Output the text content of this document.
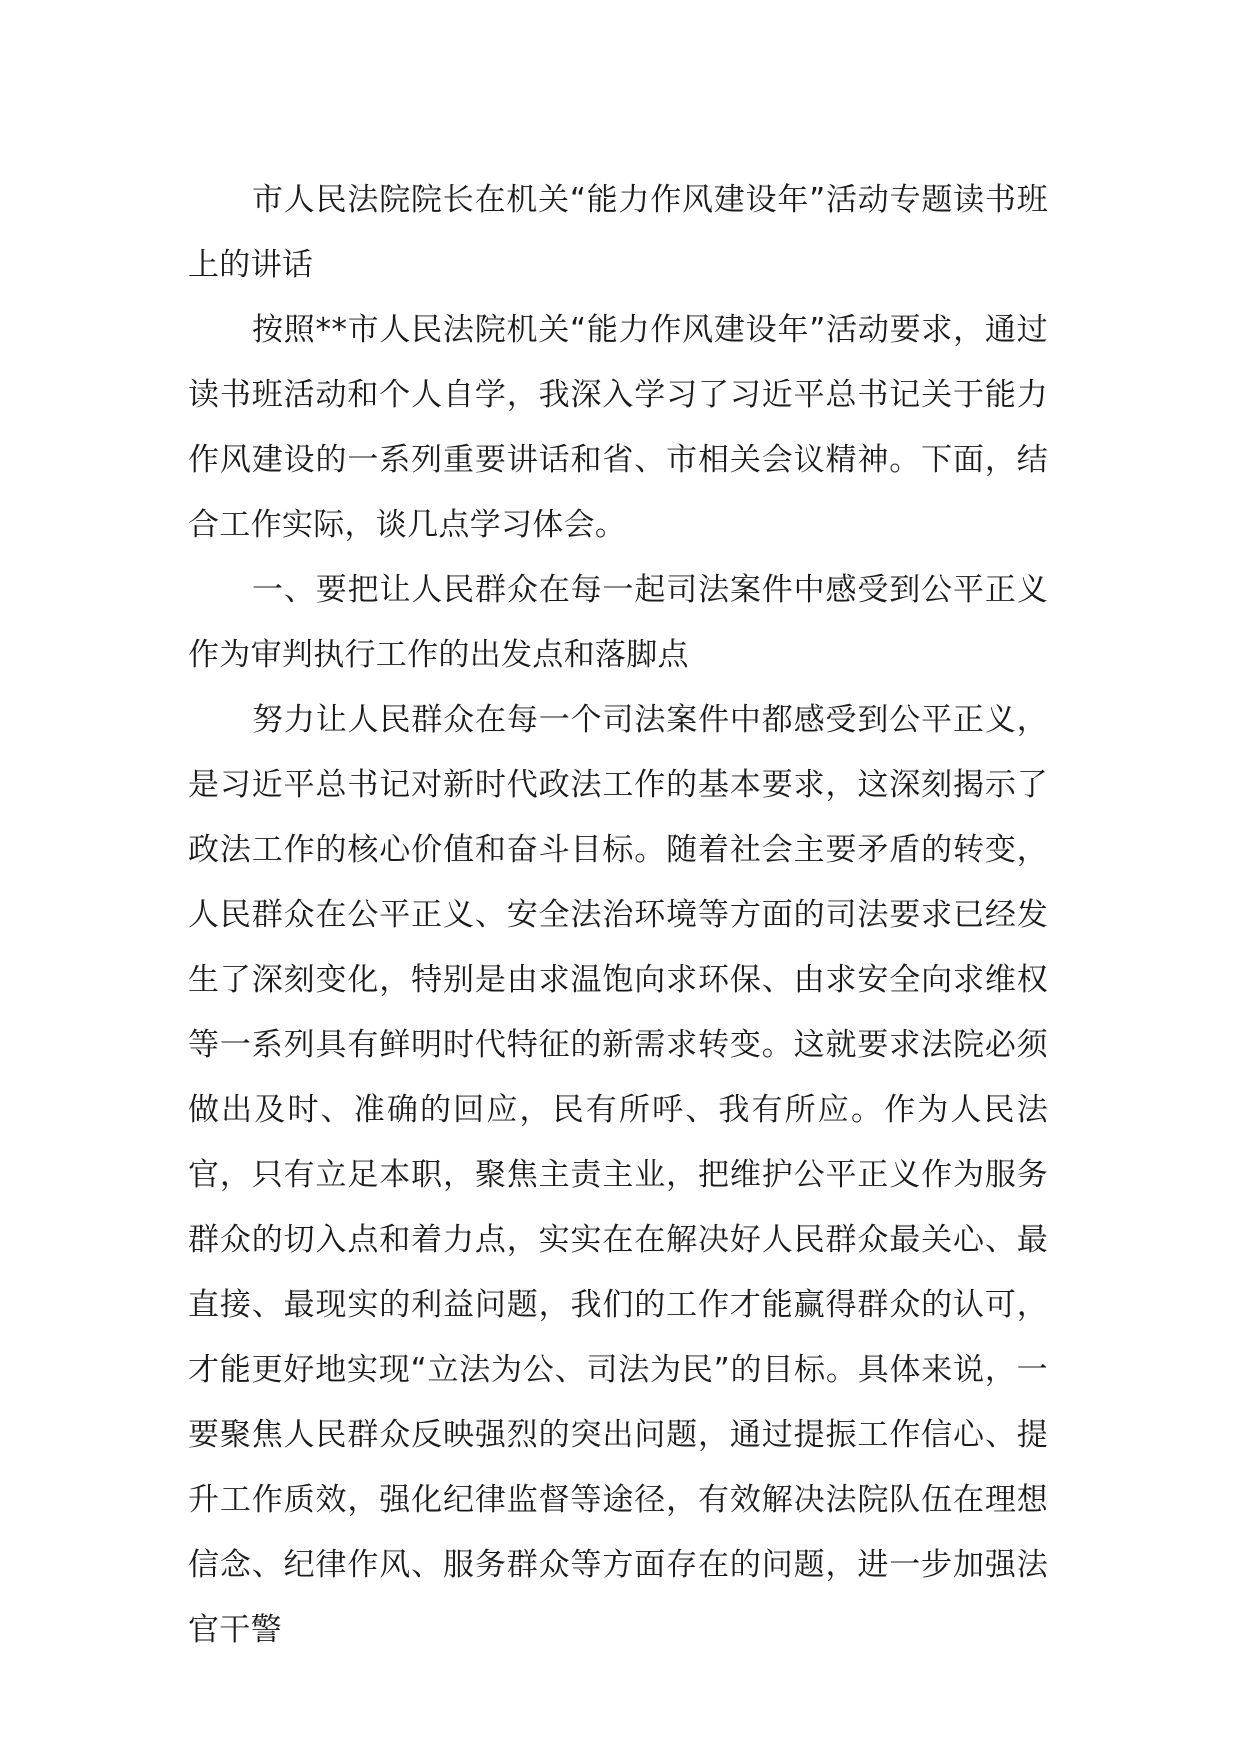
市人民法院院长在机关“能力作风建设年”活动专题读书班上的讲话

按照**市人民法院机关“能力作风建设年”活动要求，通过读书班活动和个人自学，我深入学习了习近平总书记关于能力作风建设的一系列重要讲话和省、市相关会议精神。下面，结合工作实际，谈几点学习体会。

一、要把让人民群众在每一起司法案件中感受到公平正义作为审判执行工作的出发点和落脚点

努力让人民群众在每一个司法案件中都感受到公平正义，是习近平总书记对新时代政法工作的基本要求，这深刻揭示了政法工作的核心价值和奋斗目标。随着社会主要矛盾的转变，人民群众在公平正义、安全法治环境等方面的司法要求已经发生了深刻变化，特别是由求温饱向求环保、由求安全向求维权等一系列具有鲜明时代特征的新需求转变。这就要求法院必须做出及时、准确的回应，民有所呼、我有所应。作为人民法官，只有立足本职，聚焦主责主业，把维护公平正义作为服务群众的切入点和着力点，实实在在解决好人民群众最关心、最直接、最现实的利益问题，我们的工作才能赢得群众的认可，才能更好地实现“立法为公、司法为民”的目标。具体来说，一要聚焦人民群众反映强烈的突出问题，通过提振工作信心、提升工作质效，强化纪律监督等途径，有效解决法院队伍在理想信念、纪律作风、服务群众等方面存在的问题，进一步加强法官干警
